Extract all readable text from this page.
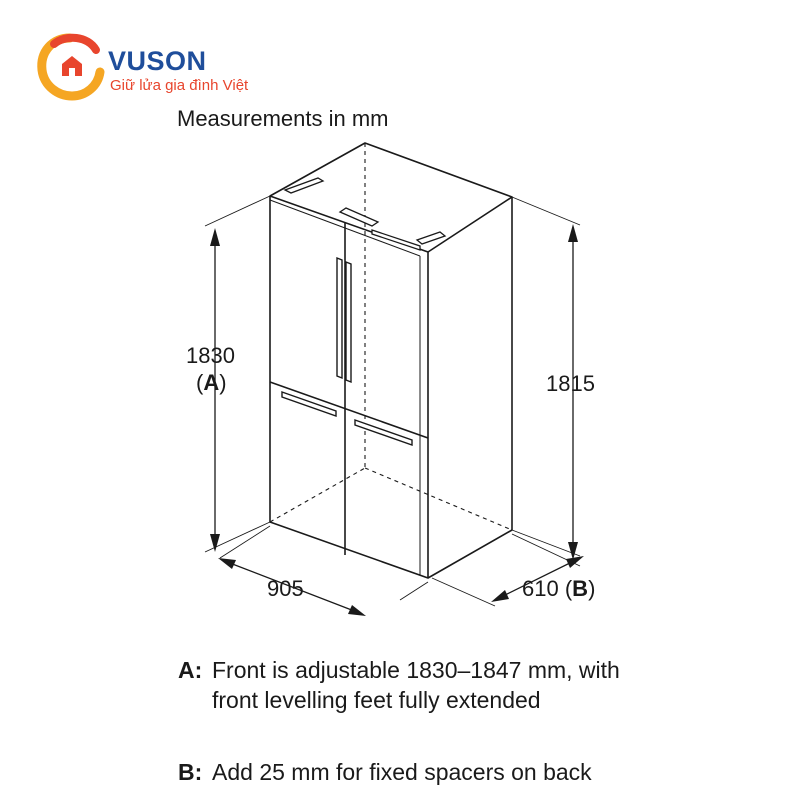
VUSON
Giữ lửa gia đình Việt
Measurements in mm
1830
(A)	1815
905	610 (B)
A: Front is adjustable 1830–1847 mm, with
front levelling feet fully extended
B: Add 25 mm for fixed spacers on back
